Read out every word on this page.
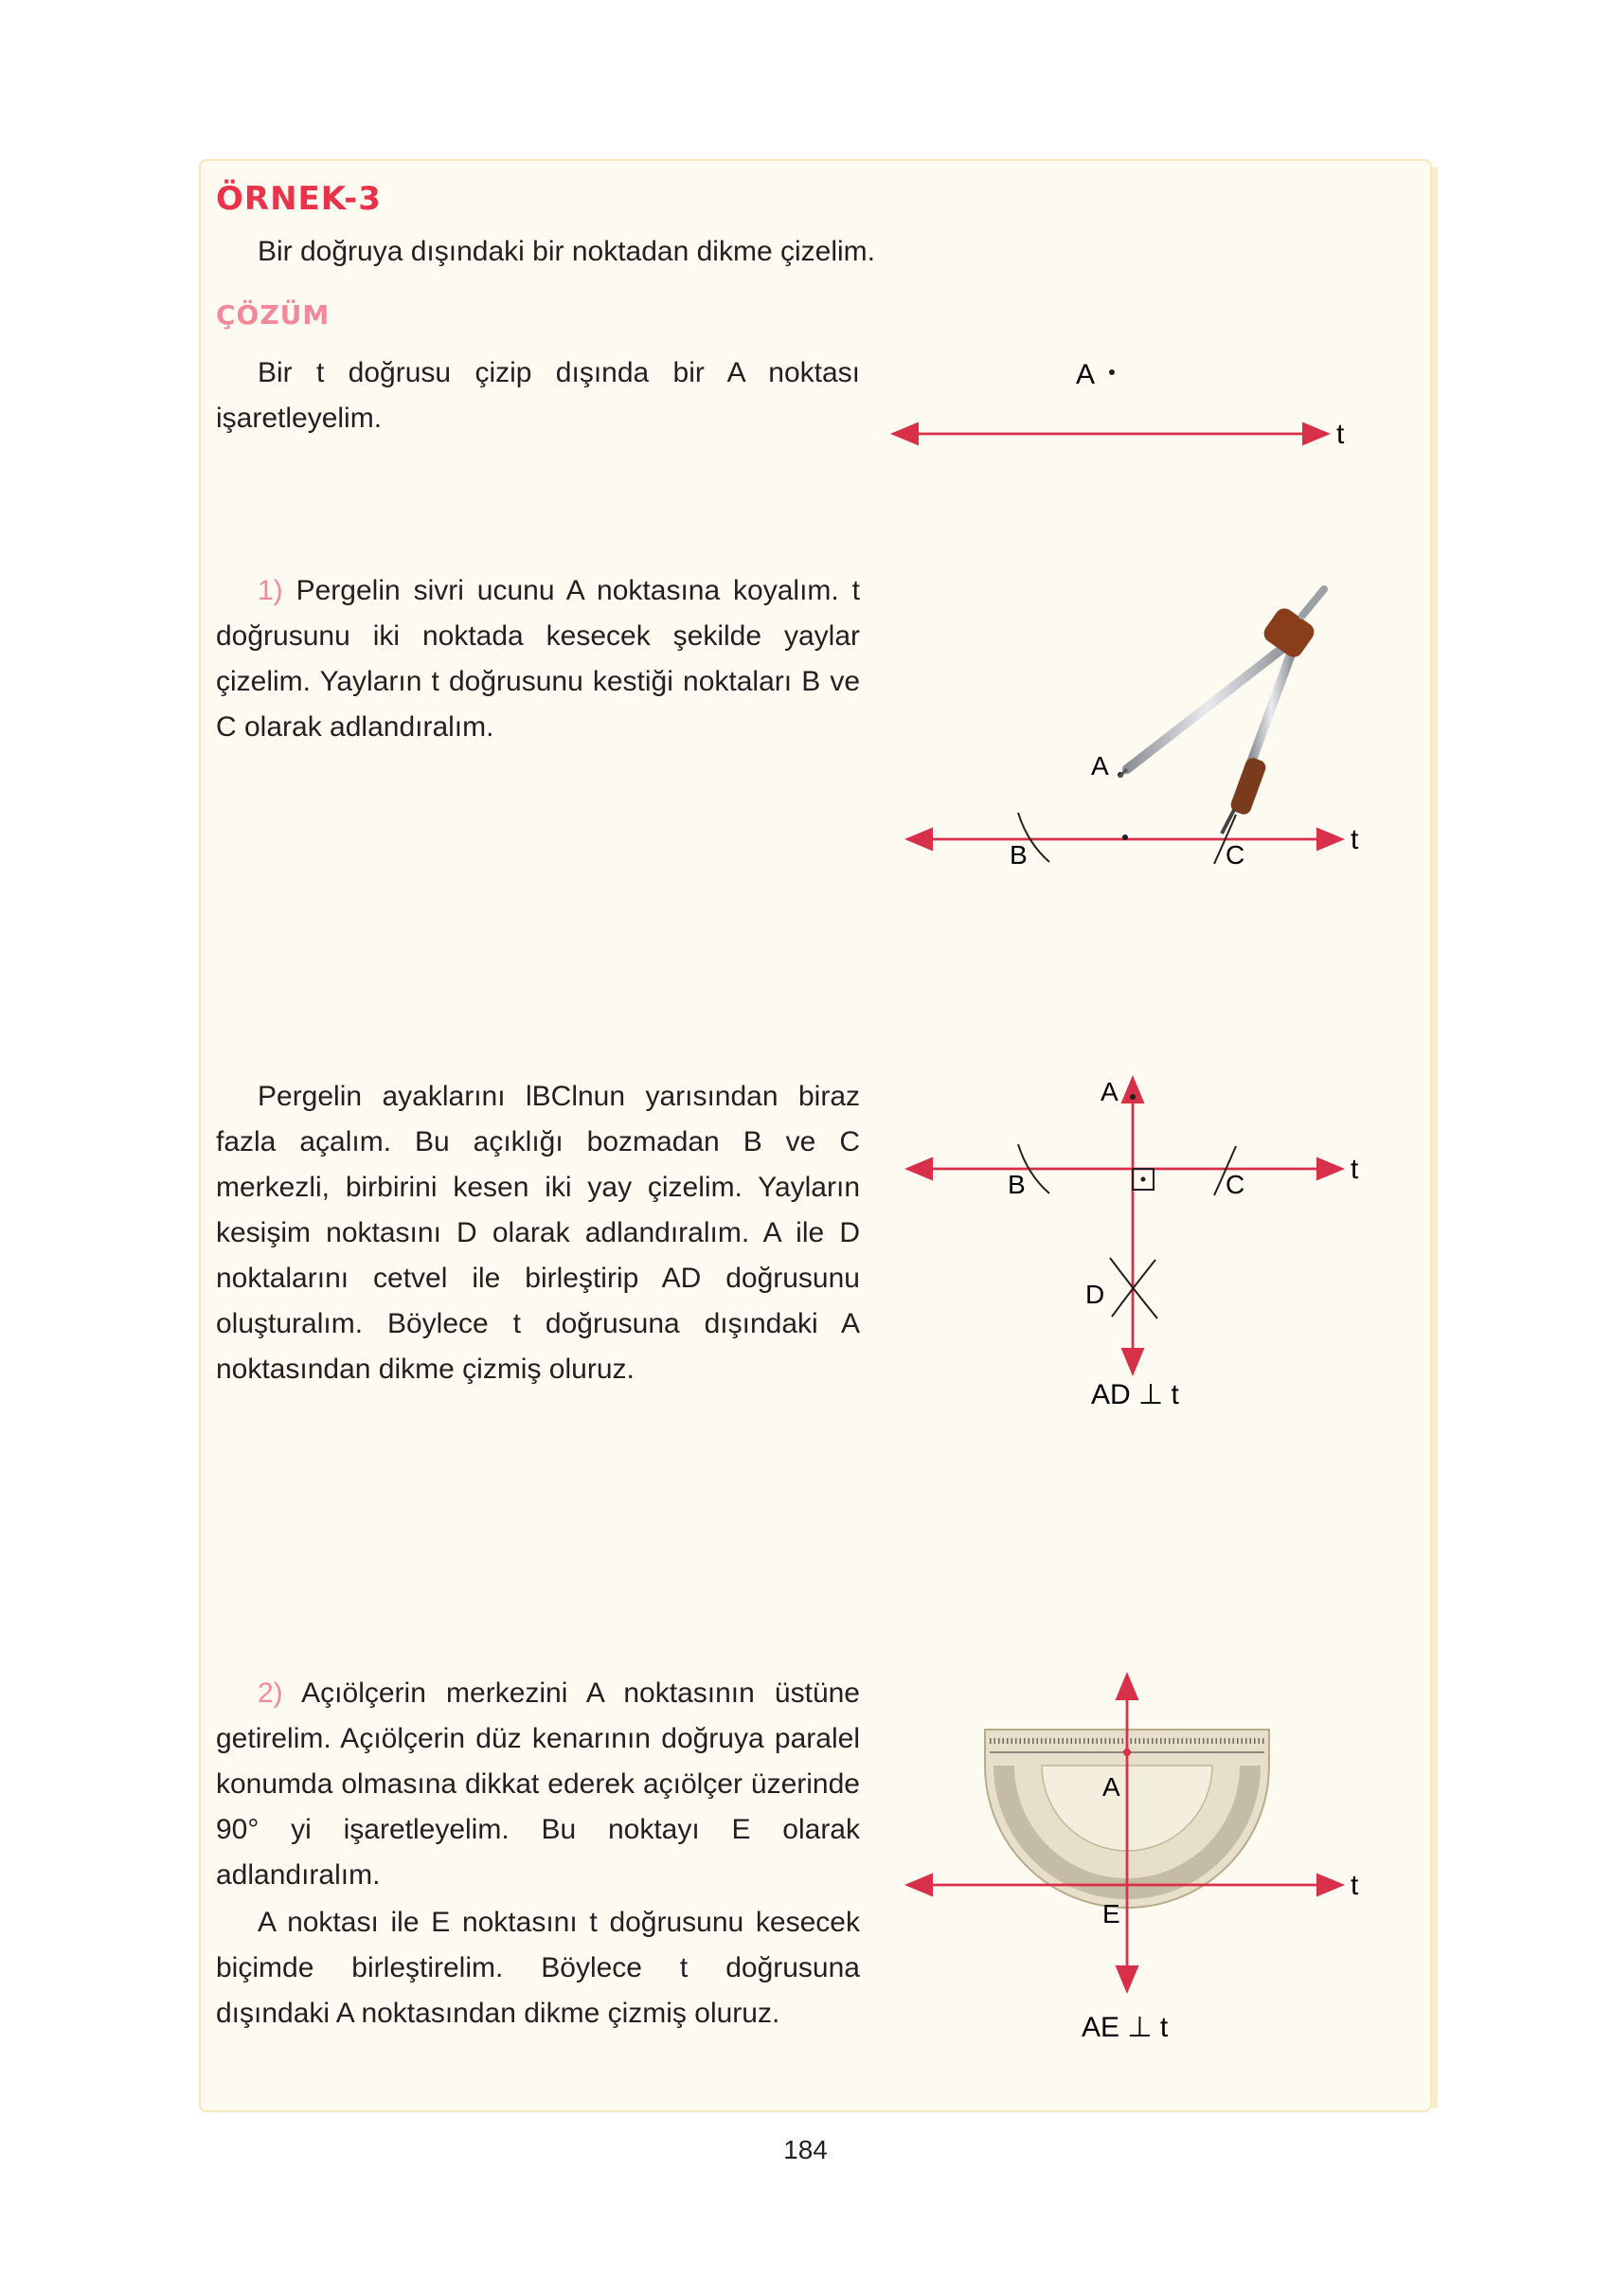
ÖRNEK-3
Bir doğruya dışındaki bir noktadan dikme çizelim.
ÇÖZÜM
Bir t doğrusu çizip dışında bir A noktası işaretleyelim.
1) Pergelin sivri ucunu A noktasına koyalım. t doğrusunu iki noktada kesecek şekilde yaylar çizelim. Yayların t doğrusunu kestiği noktaları B ve C olarak adlandıralım.
Pergelin ayaklarını lBClnun yarısından biraz fazla açalım. Bu açıklığı bozmadan B ve C merkezli, birbirini kesen iki yay çizelim. Yayların kesişim noktasını D olarak adlandıralım. A ile D noktalarını cetvel ile birleştirip AD doğrusunu oluşturalım. Böylece t doğrusuna dışındaki A noktasından dikme çizmiş oluruz.
2) Açıölçerin merkezini A noktasının üstüne getirelim. Açıölçerin düz kenarının doğruya paralel konumda olmasına dikkat ederek açıölçer üzerinde 90° yi işaretleyelim. Bu noktayı E olarak adlandıralım.
A noktası ile E noktasını t doğrusunu kesecek biçimde birleştirelim. Böylece t doğrusuna dışındaki A noktasından dikme çizmiş oluruz.
t
A
t
B	C
A
t
B	C
A
D
AD ⊥ t
t
A
E
AE ⊥ t
184
